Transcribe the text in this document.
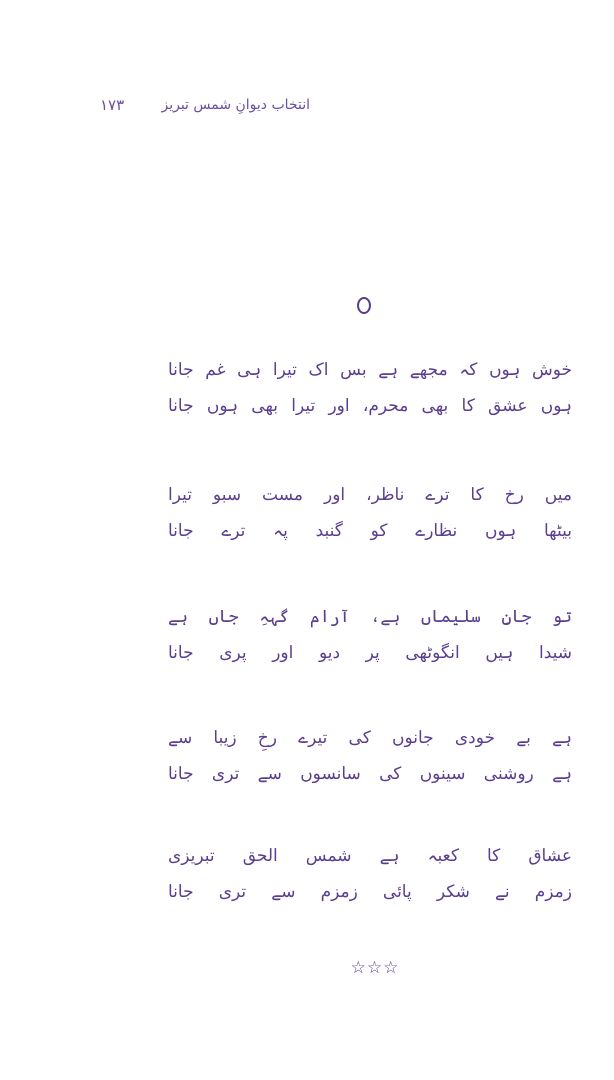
انتخاب دیوانِ شمس تبریز
۱۷۳
خوش ہوں کہ مجھے ہے بس اک تیرا ہی غم جانا
ہوں عشق کا بھی محرم، اور تیرا بھی ہوں جانا
میں رخ کا ترے ناظر، اور مست سبو تیرا
بیٹھا ہوں نظارے کو گنبد پہ ترے جانا
تو جانِ سلیماں ہے، آرام گہہِ جاں ہے
شیدا ہیں انگوٹھی پر دیو اور پری جانا
ہے بے خودی جانوں کی تیرے رخِ زیبا سے
ہے روشنی سینوں کی سانسوں سے تری جانا
عشاق کا کعبہ ہے شمس الحق تبریزی
زمزم نے شکر پائی زمزم سے تری جانا
☆☆☆
